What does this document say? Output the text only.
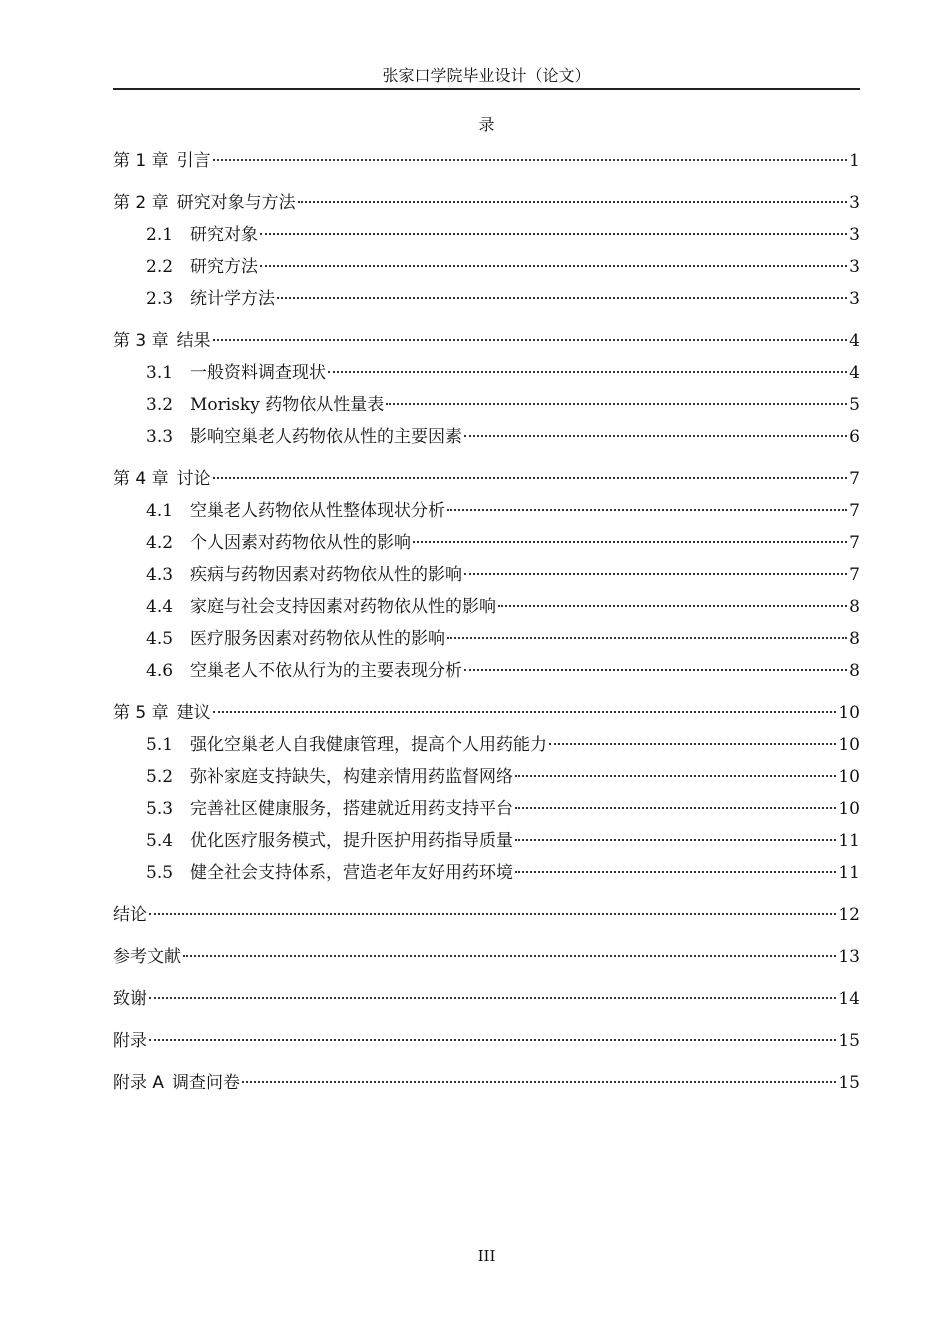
张家口学院毕业设计（论文）
录
第 1 章 引言	1
第 2 章 研究对象与方法	3
2.1 研究对象	3
2.2 研究方法	3
2.3 统计学方法	3
第 3 章 结果	4
3.1 一般资料调查现状	4
3.2 Morisky 药物依从性量表	5
3.3 影响空巢老人药物依从性的主要因素	6
第 4 章 讨论	7
4.1 空巢老人药物依从性整体现状分析	7
4.2 个人因素对药物依从性的影响	7
4.3 疾病与药物因素对药物依从性的影响	7
4.4 家庭与社会支持因素对药物依从性的影响	8
4.5 医疗服务因素对药物依从性的影响	8
4.6 空巢老人不依从行为的主要表现分析	8
第 5 章 建议	10
5.1 强化空巢老人自我健康管理，提高个人用药能力	10
5.2 弥补家庭支持缺失，构建亲情用药监督网络	10
5.3 完善社区健康服务，搭建就近用药支持平台	10
5.4 优化医疗服务模式，提升医护用药指导质量	11
5.5 健全社会支持体系，营造老年友好用药环境	11
结论	12
参考文献	13
致谢	14
附录	15
附录 A 调查问卷	15
III
